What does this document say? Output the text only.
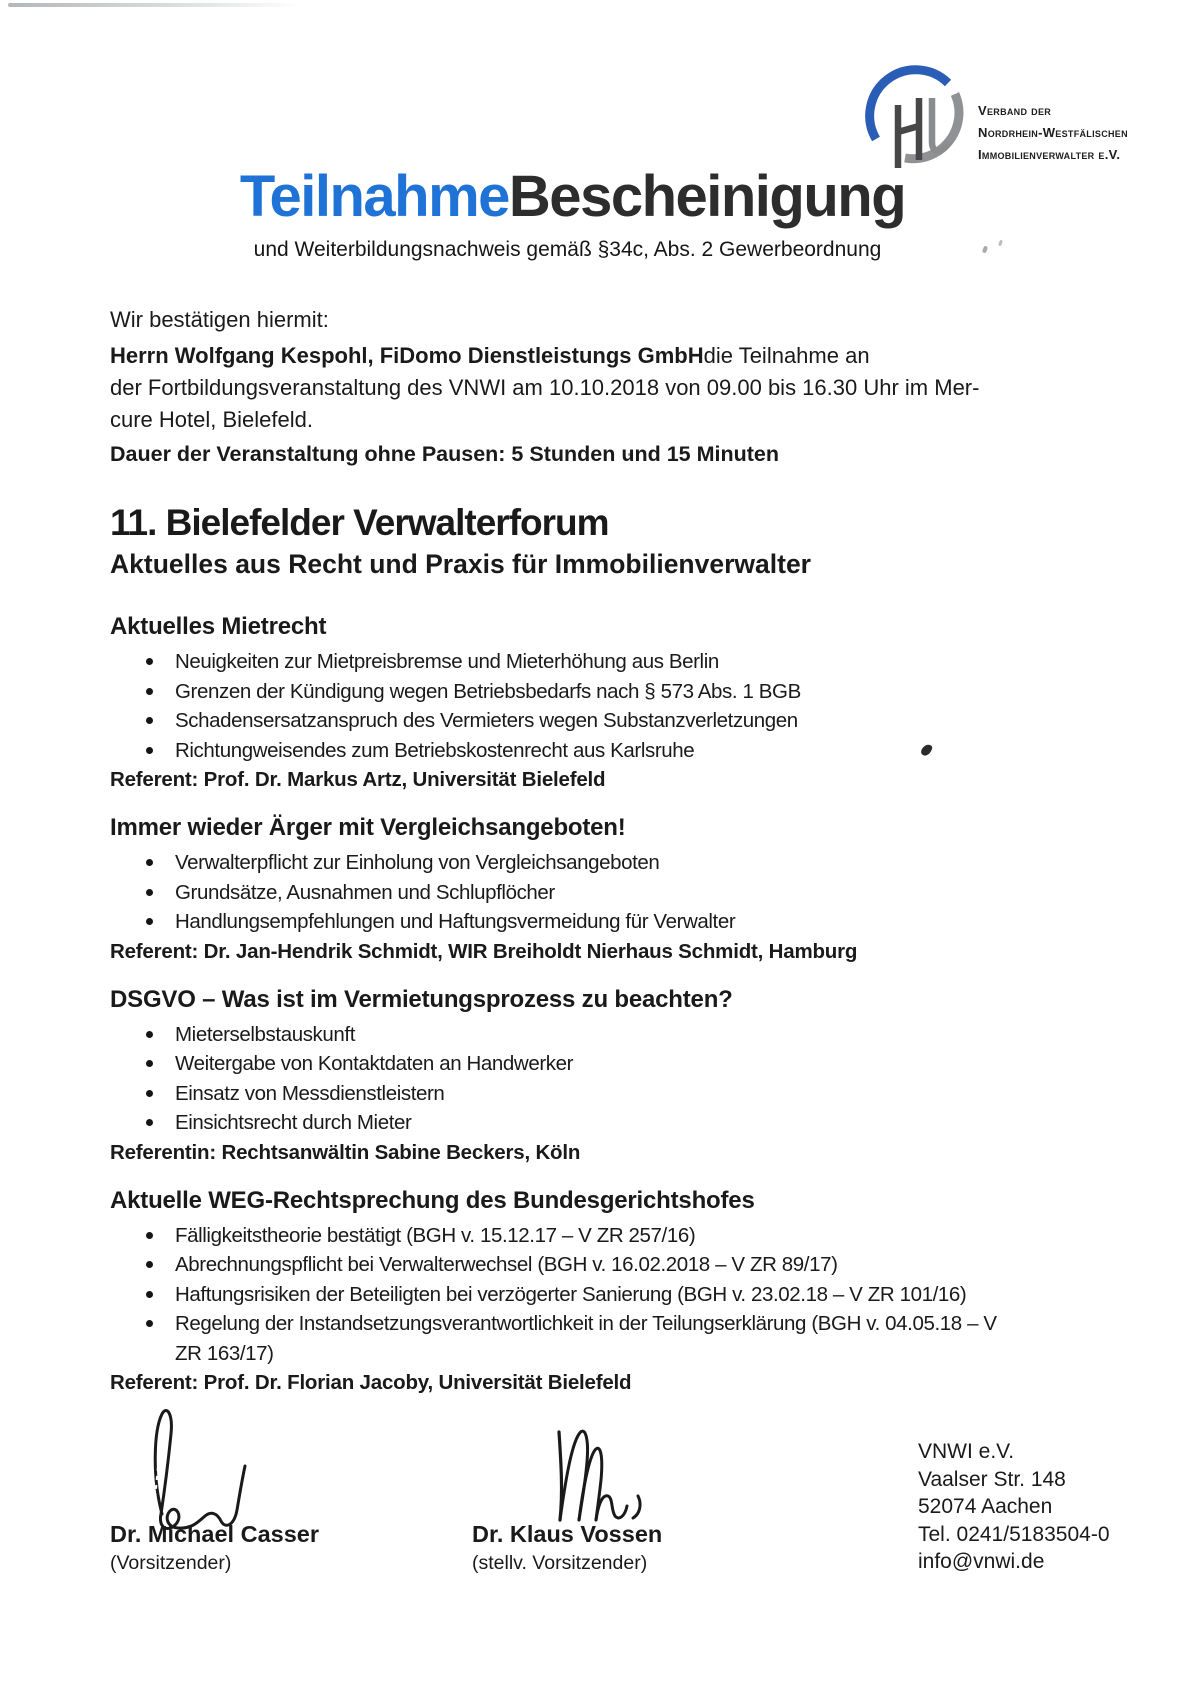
Verband der
Nordrhein-Westfälischen
Immobilienverwalter e.V.
TeilnahmeBescheinigung
und Weiterbildungsnachweis gemäß §34c, Abs. 2 Gewerbeordnung

Wir bestätigen hiermit:

Herrn Wolfgang Kespohl, FiDomo Dienstleistungs GmbHdie Teilnahme an
der Fortbildungsveranstaltung des VNWI am 10.10.2018 von 09.00 bis 16.30 Uhr im Mer-
cure Hotel, Bielefeld.

Dauer der Veranstaltung ohne Pausen: 5 Stunden und 15 Minuten

11. Bielefelder Verwalterforum
Aktuelles aus Recht und Praxis für Immobilienverwalter
Aktuelles Mietrecht
Neuigkeiten zur Mietpreisbremse und Mieterhöhung aus Berlin
Grenzen der Kündigung wegen Betriebsbedarfs nach § 573 Abs. 1 BGB
Schadensersatzanspruch des Vermieters wegen Substanzverletzungen
Richtungweisendes zum Betriebskostenrecht aus Karlsruhe

Referent: Prof. Dr. Markus Artz, Universität Bielefeld

Immer wieder Ärger mit Vergleichsangeboten!
Verwalterpflicht zur Einholung von Vergleichsangeboten
Grundsätze, Ausnahmen und Schlupflöcher
Handlungsempfehlungen und Haftungsvermeidung für Verwalter

Referent: Dr. Jan-Hendrik Schmidt, WIR Breiholdt Nierhaus Schmidt, Hamburg

DSGVO – Was ist im Vermietungsprozess zu beachten?
Mieterselbstauskunft
Weitergabe von Kontaktdaten an Handwerker
Einsatz von Messdienstleistern
Einsichtsrecht durch Mieter

Referentin: Rechtsanwältin Sabine Beckers, Köln

Aktuelle WEG-Rechtsprechung des Bundesgerichtshofes
Fälligkeitstheorie bestätigt (BGH v. 15.12.17 – V ZR 257/16)
Abrechnungspflicht bei Verwalterwechsel (BGH v. 16.02.2018 – V ZR 89/17)
Haftungsrisiken der Beteiligten bei verzögerter Sanierung (BGH v. 23.02.18 – V ZR 101/16)
Regelung der Instandsetzungsverantwortlichkeit in der Teilungserklärung (BGH v. 04.05.18 – V ZR 163/17)

Referent: Prof. Dr. Florian Jacoby, Universität Bielefeld

Dr. Michael Casser
(Vorsitzender)
Dr. Klaus Vossen
(stellv. Vorsitzender)
VNWI e.V.
Vaalser Str. 148
52074 Aachen
Tel. 0241/5183504-0
info@vnwi.de
